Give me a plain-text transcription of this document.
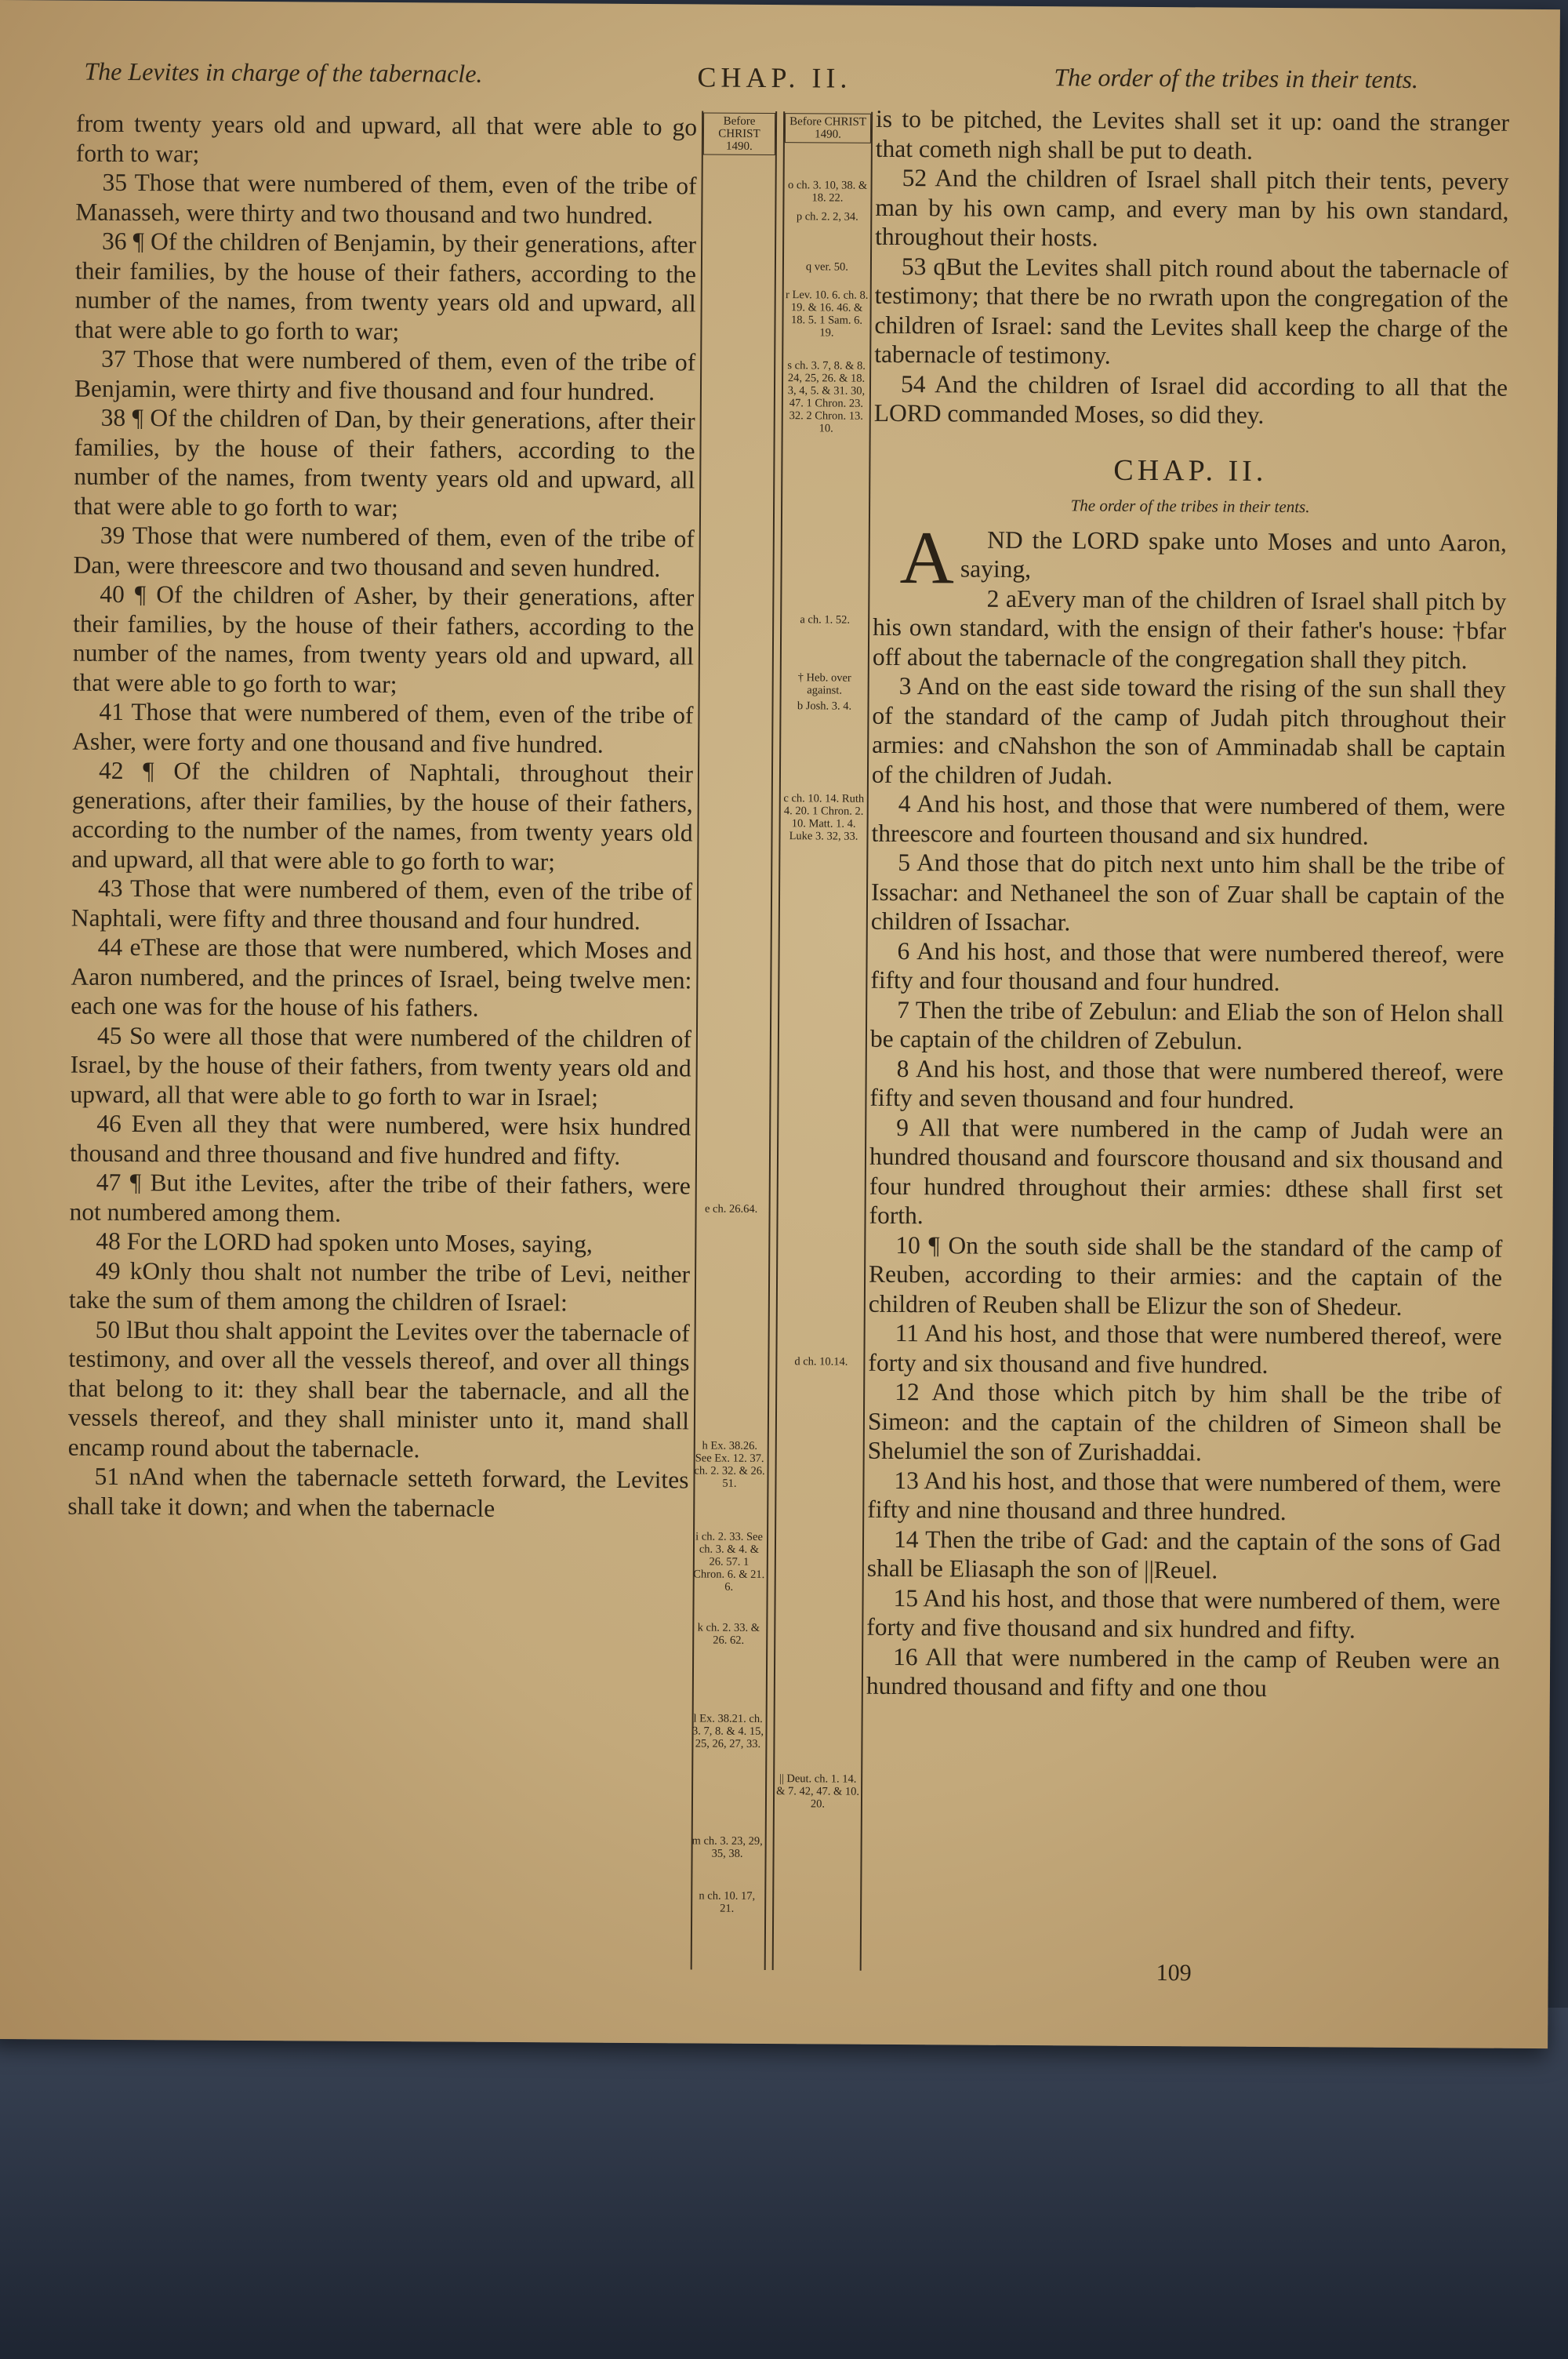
The Levites in charge of the tabernacle.	CHAP. II.	The order of the tribes in their tents.
Before CHRIST 1490.
Before CHRIST 1490.
e ch. 26.64.
d ch. 10.14.
h Ex. 38.26. See Ex. 12. 37. ch. 2. 32. & 26. 51.
i ch. 2. 33. See ch. 3. & 4. & 26. 57. 1 Chron. 6. & 21. 6.
k ch. 2. 33. & 26. 62.
l Ex. 38.21. ch. 3. 7, 8. & 4. 15, 25, 26, 27, 33.
m ch. 3. 23, 29, 35, 38.
n ch. 10. 17, 21.
o ch. 3. 10, 38. & 18. 22.
p ch. 2. 2, 34.
q ver. 50.
r Lev. 10. 6. ch. 8. 19. & 16. 46. & 18. 5. 1 Sam. 6. 19.
s ch. 3. 7, 8. & 8. 24, 25, 26. & 18. 3, 4, 5. & 31. 30, 47. 1 Chron. 23. 32. 2 Chron. 13. 10.
a ch. 1. 52.
† Heb. over against.
b Josh. 3. 4.
c ch. 10. 14. Ruth 4. 20. 1 Chron. 2. 10. Matt. 1. 4. Luke 3. 32, 33.
|| Deut. ch. 1. 14. & 7. 42, 47. & 10. 20.

from twenty years old and upward, all that were able to go forth to war;

35 Those that were numbered of them, even of the tribe of Manasseh, were thirty and two thousand and two hundred.

36 ¶ Of the children of Benjamin, by their generations, after their families, by the house of their fathers, according to the number of the names, from twenty years old and upward, all that were able to go forth to war;

37 Those that were numbered of them, even of the tribe of Benjamin, were thirty and five thousand and four hundred.

38 ¶ Of the children of Dan, by their generations, after their families, by the house of their fathers, according to the number of the names, from twenty years old and upward, all that were able to go forth to war;

39 Those that were numbered of them, even of the tribe of Dan, were threescore and two thousand and seven hundred.

40 ¶ Of the children of Asher, by their generations, after their families, by the house of their fathers, according to the number of the names, from twenty years old and upward, all that were able to go forth to war;

41 Those that were numbered of them, even of the tribe of Asher, were forty and one thousand and five hundred.

42 ¶ Of the children of Naphtali, throughout their generations, after their families, by the house of their fathers, according to the number of the names, from twenty years old and upward, all that were able to go forth to war;

43 Those that were numbered of them, even of the tribe of Naphtali, were fifty and three thousand and four hundred.

44 eThese are those that were numbered, which Moses and Aaron numbered, and the princes of Israel, being twelve men: each one was for the house of his fathers.

45 So were all those that were numbered of the children of Israel, by the house of their fathers, from twenty years old and upward, all that were able to go forth to war in Israel;

46 Even all they that were numbered, were hsix hundred thousand and three thousand and five hundred and fifty.

47 ¶ But ithe Levites, after the tribe of their fathers, were not numbered among them.

48 For the LORD had spoken unto Moses, saying,

49 kOnly thou shalt not number the tribe of Levi, neither take the sum of them among the children of Israel:

50 lBut thou shalt appoint the Levites over the tabernacle of testimony, and over all the vessels thereof, and over all things that belong to it: they shall bear the tabernacle, and all the vessels thereof, and they shall minister unto it, mand shall encamp round about the tabernacle.

51 nAnd when the tabernacle setteth forward, the Levites shall take it down; and when the tabernacle

is to be pitched, the Levites shall set it up: oand the stranger that cometh nigh shall be put to death.

52 And the children of Israel shall pitch their tents, pevery man by his own camp, and every man by his own standard, throughout their hosts.

53 qBut the Levites shall pitch round about the tabernacle of testimony; that there be no rwrath upon the congregation of the children of Israel: sand the Levites shall keep the charge of the tabernacle of testimony.

54 And the children of Israel did according to all that the LORD commanded Moses, so did they.

CHAP. II.
The order of the tribes in their tents.

A ND the LORD spake unto Moses and unto Aaron, saying,

2 aEvery man of the children of Israel shall pitch by his own standard, with the ensign of their father's house: †bfar off about the tabernacle of the congregation shall they pitch.

3 And on the east side toward the rising of the sun shall they of the standard of the camp of Judah pitch throughout their armies: and cNahshon the son of Amminadab shall be captain of the children of Judah.

4 And his host, and those that were numbered of them, were threescore and fourteen thousand and six hundred.

5 And those that do pitch next unto him shall be the tribe of Issachar: and Nethaneel the son of Zuar shall be captain of the children of Issachar.

6 And his host, and those that were numbered thereof, were fifty and four thousand and four hundred.

7 Then the tribe of Zebulun: and Eliab the son of Helon shall be captain of the children of Zebulun.

8 And his host, and those that were numbered thereof, were fifty and seven thousand and four hundred.

9 All that were numbered in the camp of Judah were an hundred thousand and fourscore thousand and six thousand and four hundred throughout their armies: dthese shall first set forth.

10 ¶ On the south side shall be the standard of the camp of Reuben, according to their armies: and the captain of the children of Reuben shall be Elizur the son of Shedeur.

11 And his host, and those that were numbered thereof, were forty and six thousand and five hundred.

12 And those which pitch by him shall be the tribe of Simeon: and the captain of the children of Simeon shall be Shelumiel the son of Zurishaddai.

13 And his host, and those that were numbered of them, were fifty and nine thousand and three hundred.

14 Then the tribe of Gad: and the captain of the sons of Gad shall be Eliasaph the son of ||Reuel.

15 And his host, and those that were numbered of them, were forty and five thousand and six hundred and fifty.

16 All that were numbered in the camp of Reuben were an hundred thousand and fifty and one thou

109
